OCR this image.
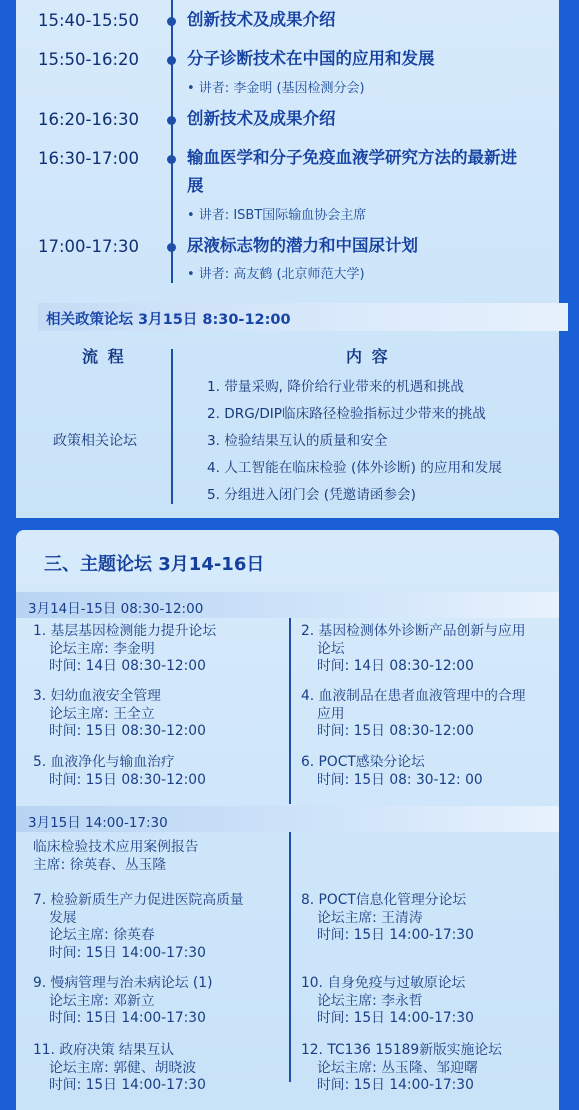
15:40-15:50	创新技术及成果介绍
15:50-16:20	分子诊断技术在中国的应用和发展
• 讲者: 李金明 (基因检测分会)
16:20-16:30	创新技术及成果介绍
16:30-17:00	输血医学和分子免疫血液学研究方法的最新进展
• 讲者: ISBT国际输血协会主席
17:00-17:30	尿液标志物的潜力和中国尿计划
• 讲者: 高友鹤 (北京师范大学)
相关政策论坛 3月15日 8:30-12:00
流 程	内 容
政策相关论坛
1. 带量采购, 降价给行业带来的机遇和挑战
2. DRG/DIP临床路径检验指标过少带来的挑战
3. 检验结果互认的质量和安全
4. 人工智能在临床检验 (体外诊断) 的应用和发展
5. 分组进入闭门会 (凭邀请函参会)
三、主题论坛 3月14-16日
3月14日-15日 08:30-12:00
1. 基层基因检测能力提升论坛
论坛主席: 李金明
时间: 14日 08:30-12:00
2. 基因检测体外诊断产品创新与应用
论坛
时间: 14日 08:30-12:00
3. 妇幼血液安全管理
论坛主席: 王全立
时间: 15日 08:30-12:00
4. 血液制品在患者血液管理中的合理
应用
时间: 15日 08:30-12:00
5. 血液净化与输血治疗
时间: 15日 08:30-12:00
6. POCT感染分论坛
时间: 15日 08: 30-12: 00
3月15日 14:00-17:30
临床检验技术应用案例报告
主席: 徐英春、丛玉隆
7. 检验新质生产力促进医院高质量
发展
论坛主席: 徐英春
时间: 15日 14:00-17:30
8. POCT信息化管理分论坛
论坛主席: 王清涛
时间: 15日 14:00-17:30
9. 慢病管理与治未病论坛 (1)
论坛主席: 邓新立
时间: 15日 14:00-17:30
10. 自身免疫与过敏原论坛
论坛主席: 李永哲
时间: 15日 14:00-17:30
11. 政府决策 结果互认
论坛主席: 郭健、胡晓波
时间: 15日 14:00-17:30
12. TC136 15189新版实施论坛
论坛主席: 丛玉隆、邹迎曙
时间: 15日 14:00-17:30
